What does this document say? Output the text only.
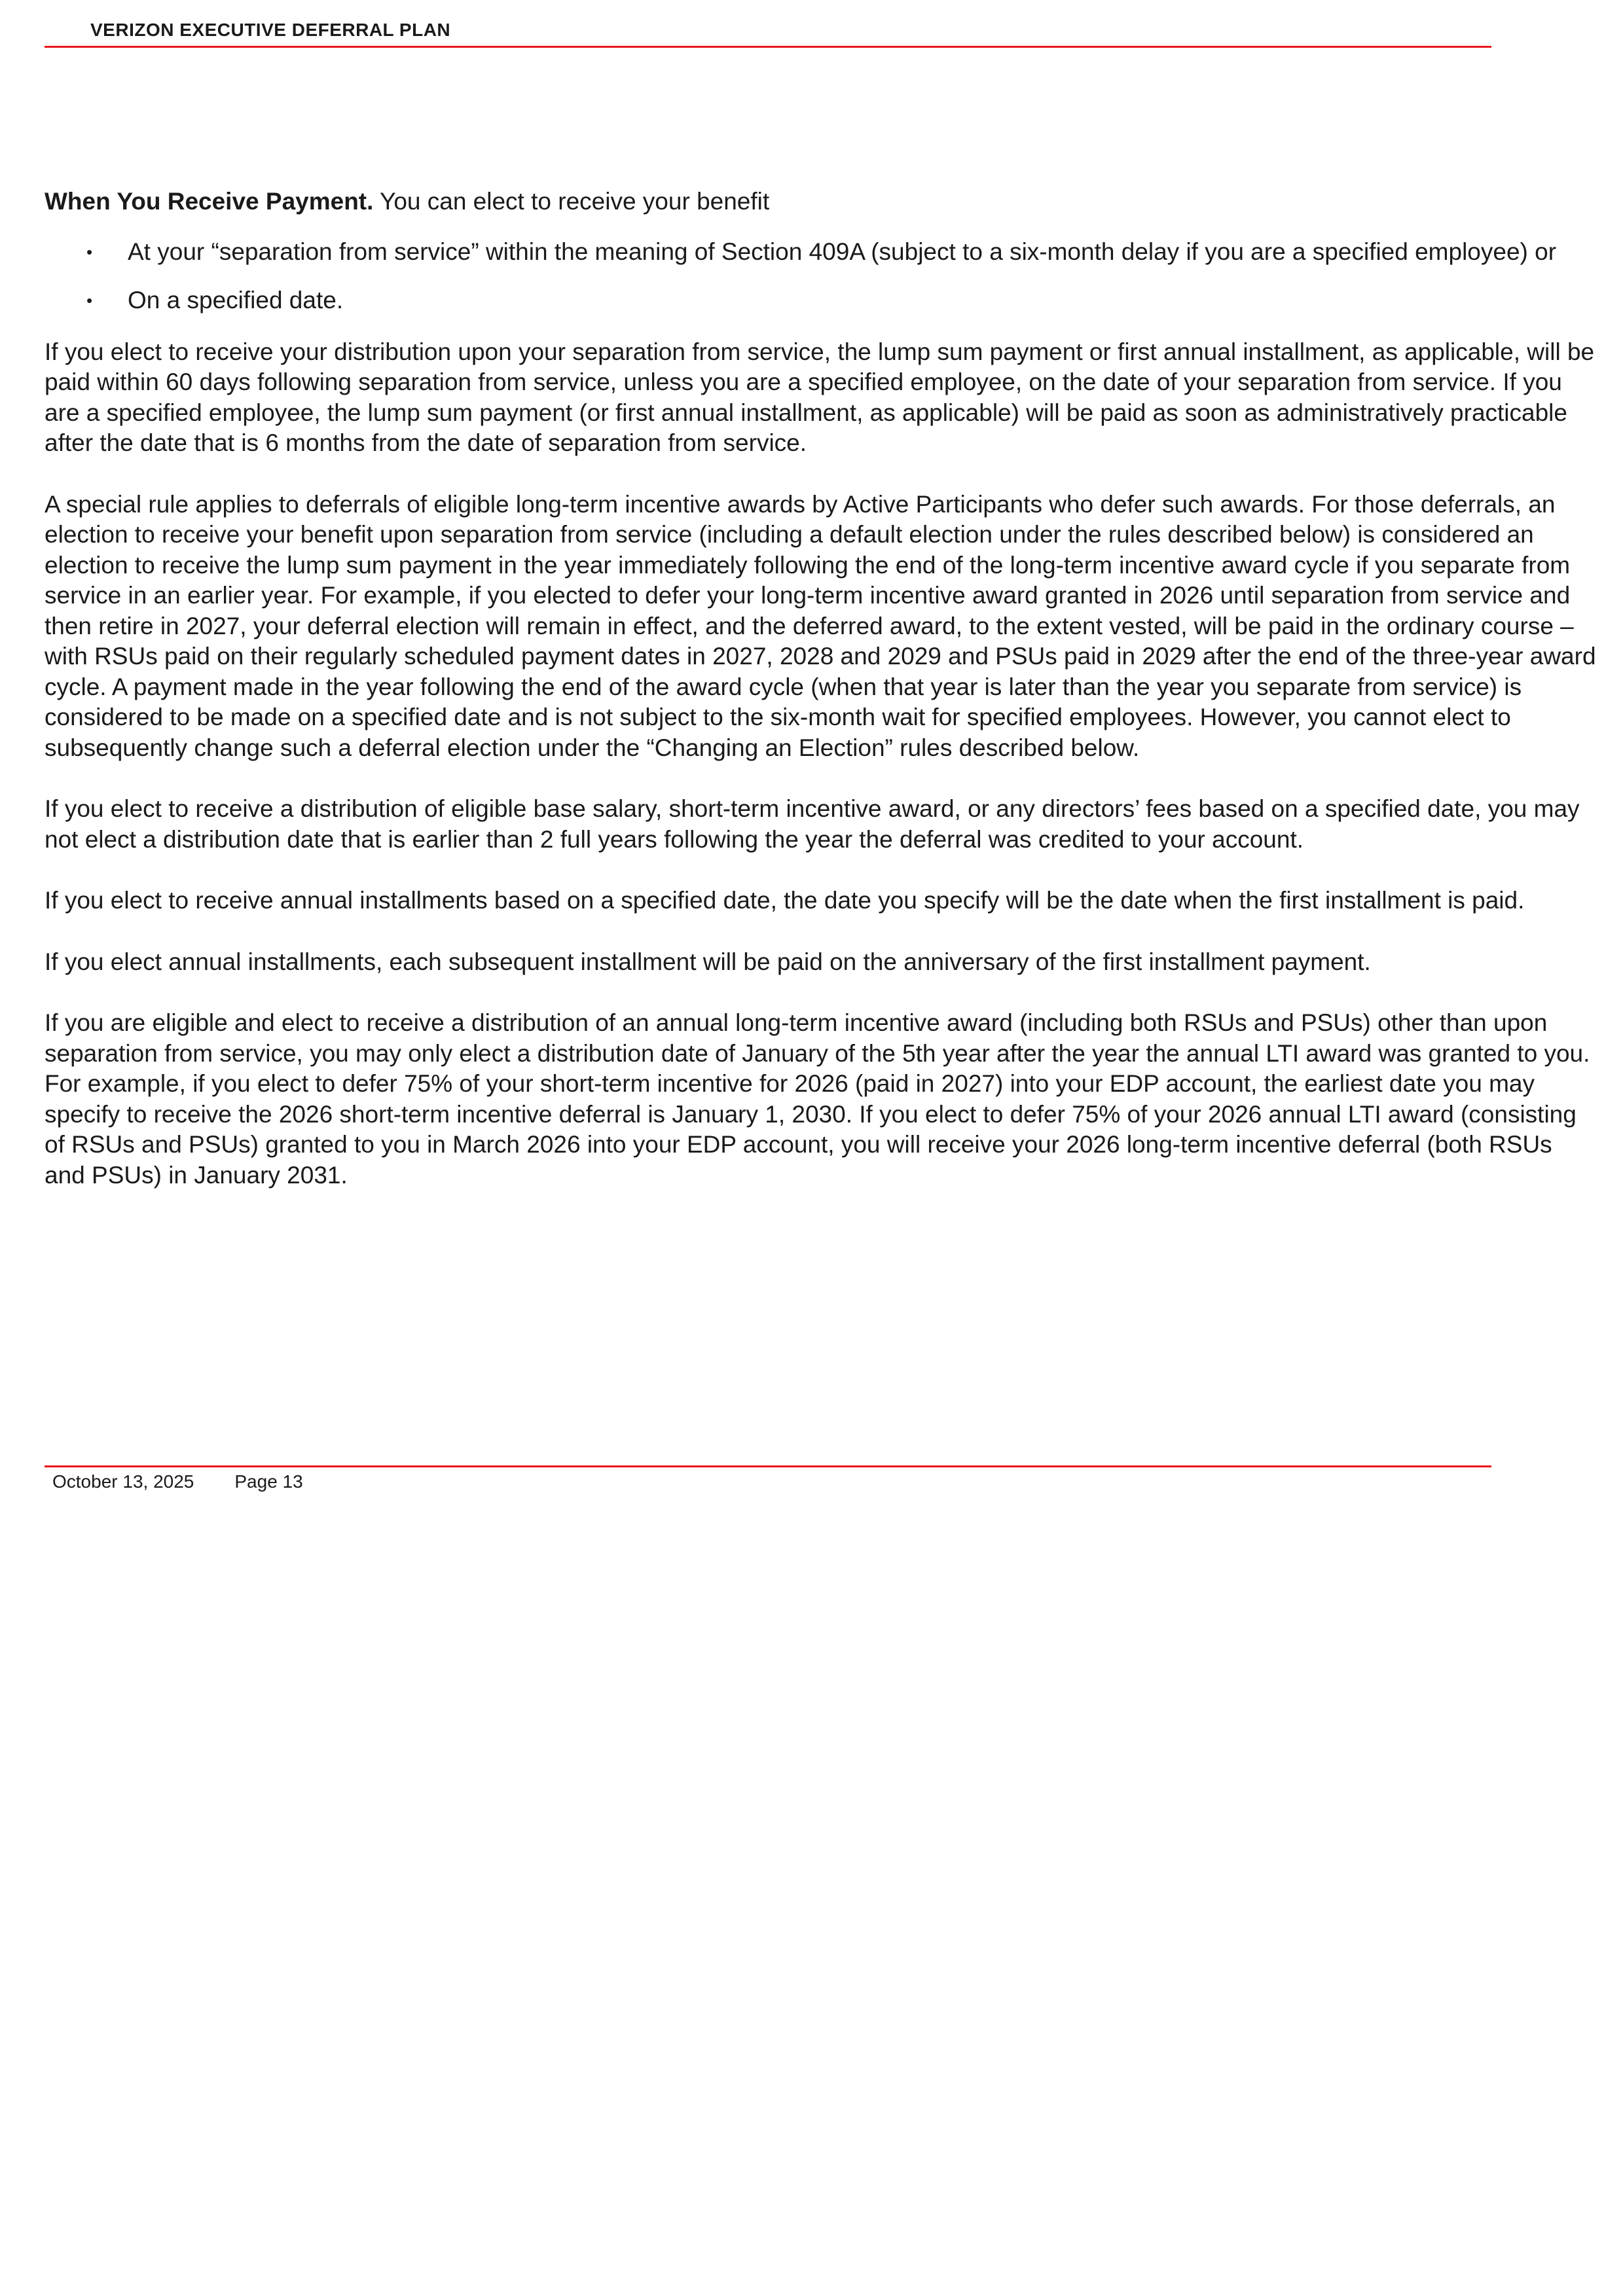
VERIZON EXECUTIVE DEFERRAL PLAN

When You Receive Payment. You can elect to receive your benefit

• At your “separation from service” within the meaning of Section 409A (subject to a six-month delay if you are a specified employee) or
• On a specified date.

If you elect to receive your distribution upon your separation from service, the lump sum payment or first annual installment, as applicable, will be paid within 60 days following separation from service, unless you are a specified employee, on the date of your separation from service. If you are a specified employee, the lump sum payment (or first annual installment, as applicable) will be paid as soon as administratively practicable after the date that is 6 months from the date of separation from service.

A special rule applies to deferrals of eligible long-term incentive awards by Active Participants who defer such awards. For those deferrals, an election to receive your benefit upon separation from service (including a default election under the rules described below) is considered an election to receive the lump sum payment in the year immediately following the end of the long-term incentive award cycle if you separate from service in an earlier year. For example, if you elected to defer your long-term incentive award granted in 2026 until separation from service and then retire in 2027, your deferral election will remain in effect, and the deferred award, to the extent vested, will be paid in the ordinary course – with RSUs paid on their regularly scheduled payment dates in 2027, 2028 and 2029 and PSUs paid in 2029 after the end of the three-year award cycle. A payment made in the year following the end of the award cycle (when that year is later than the year you separate from service) is considered to be made on a specified date and is not subject to the six-month wait for specified employees. However, you cannot elect to subsequently change such a deferral election under the “Changing an Election” rules described below.

If you elect to receive a distribution of eligible base salary, short-term incentive award, or any directors’ fees based on a specified date, you may not elect a distribution date that is earlier than 2 full years following the year the deferral was credited to your account.

If you elect to receive annual installments based on a specified date, the date you specify will be the date when the first installment is paid.

If you elect annual installments, each subsequent installment will be paid on the anniversary of the first installment payment.

If you are eligible and elect to receive a distribution of an annual long-term incentive award (including both RSUs and PSUs) other than upon separation from service, you may only elect a distribution date of January of the 5th year after the year the annual LTI award was granted to you. For example, if you elect to defer 75% of your short-term incentive for 2026 (paid in 2027) into your EDP account, the earliest date you may specify to receive the 2026 short-term incentive deferral is January 1, 2030. If you elect to defer 75% of your 2026 annual LTI award (consisting of RSUs and PSUs) granted to you in March 2026 into your EDP account, you will receive your 2026 long-term incentive deferral (both RSUs and PSUs) in January 2031.

October 13, 2025 Page 13
